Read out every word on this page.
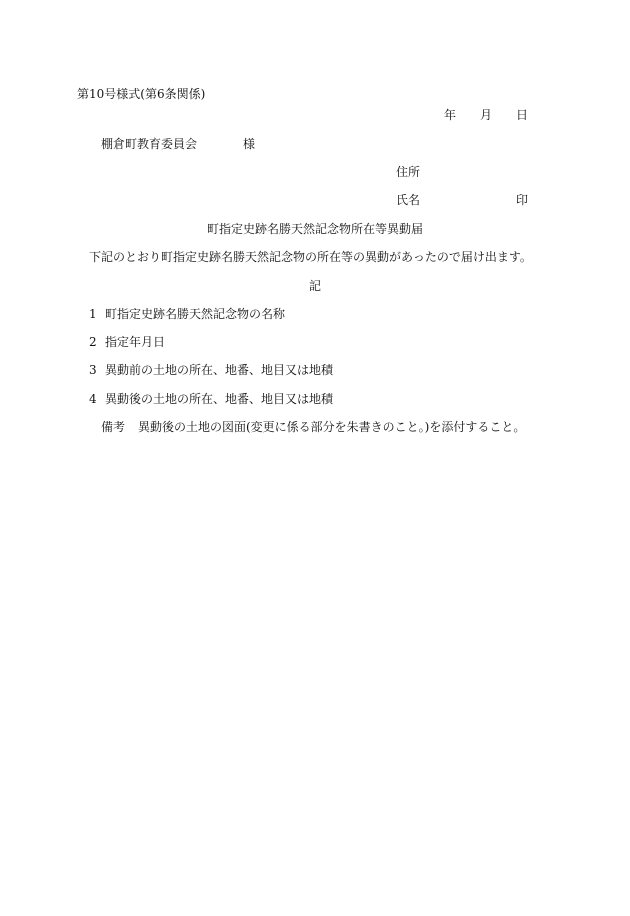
第10号様式(第6条関係)
年 月 日
棚倉町教育委員会	様
住所
氏名	印
町指定史跡名勝天然記念物所在等異動届
下記のとおり町指定史跡名勝天然記念物の所在等の異動があったので届け出ます。
記
1 町指定史跡名勝天然記念物の名称
2 指定年月日
3 異動前の土地の所在、地番、地目又は地積
4 異動後の土地の所在、地番、地目又は地積
備考 異動後の土地の図面(変更に係る部分を朱書きのこと。)を添付すること。
